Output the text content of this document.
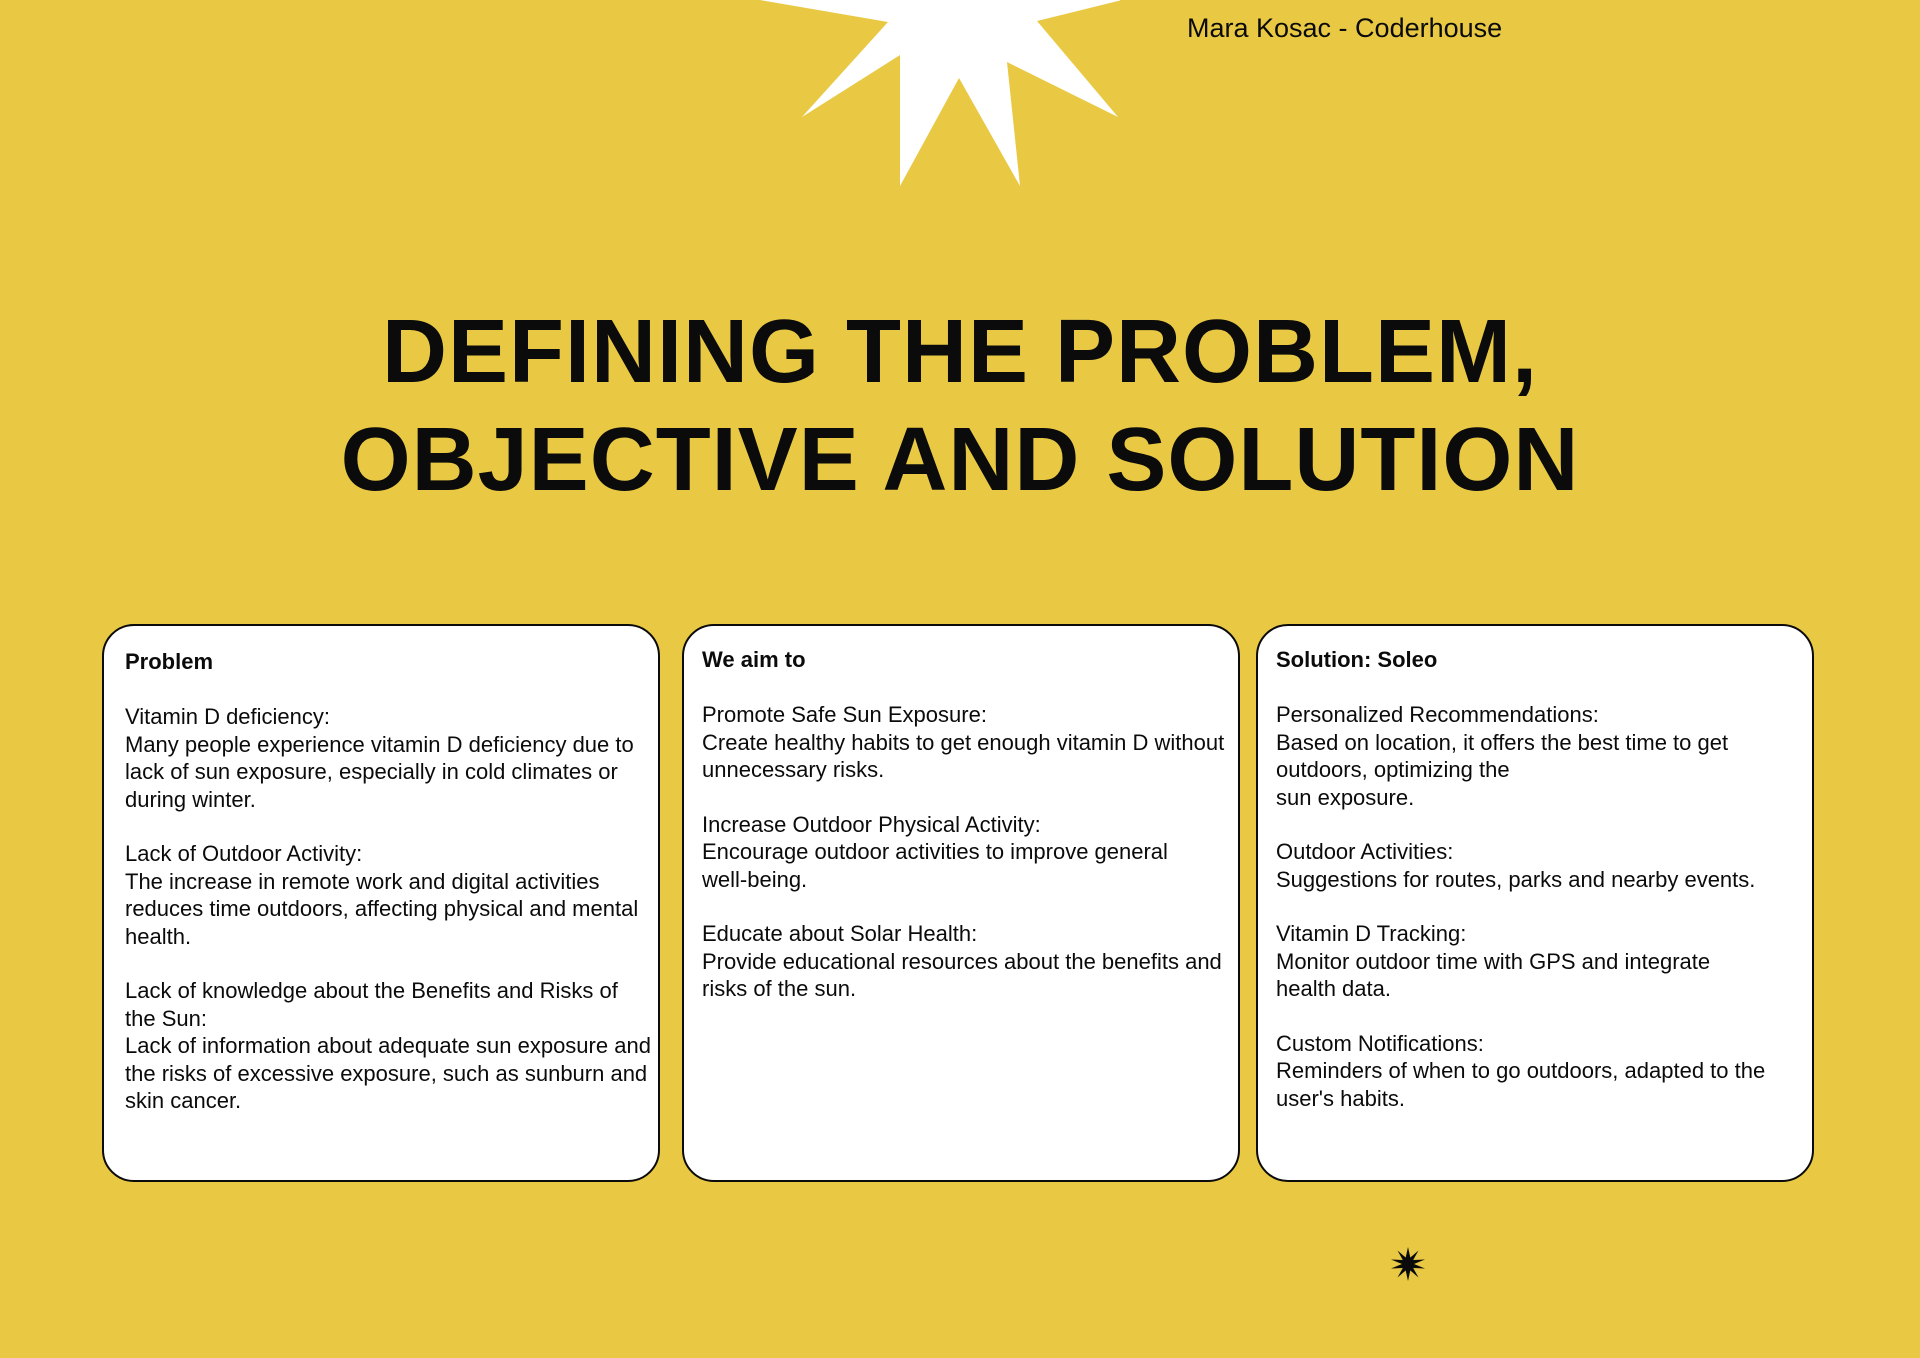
Mara Kosac - Coderhouse

DEFINING THE PROBLEM,
OBJECTIVE AND SOLUTION
Problem

Vitamin D deficiency:

Many people experience vitamin D deficiency due to
lack of sun exposure, especially in cold climates or
during winter.

Lack of Outdoor Activity:

The increase in remote work and digital activities
reduces time outdoors, affecting physical and mental
health.

Lack of knowledge about the Benefits and Risks of
the Sun:

Lack of information about adequate sun exposure and
the risks of excessive exposure, such as sunburn and
skin cancer.

We aim to

Promote Safe Sun Exposure:

Create healthy habits to get enough vitamin D without
unnecessary risks.

Increase Outdoor Physical Activity:

Encourage outdoor activities to improve general
well-being.

Educate about Solar Health:

Provide educational resources about the benefits and
risks of the sun.

Solution: Soleo

Personalized Recommendations:

Based on location, it offers the best time to get
outdoors, optimizing the
sun exposure.

Outdoor Activities:

Suggestions for routes, parks and nearby events.

Vitamin D Tracking:

Monitor outdoor time with GPS and integrate
health data.

Custom Notifications:

Reminders of when to go outdoors, adapted to the
user's habits.
